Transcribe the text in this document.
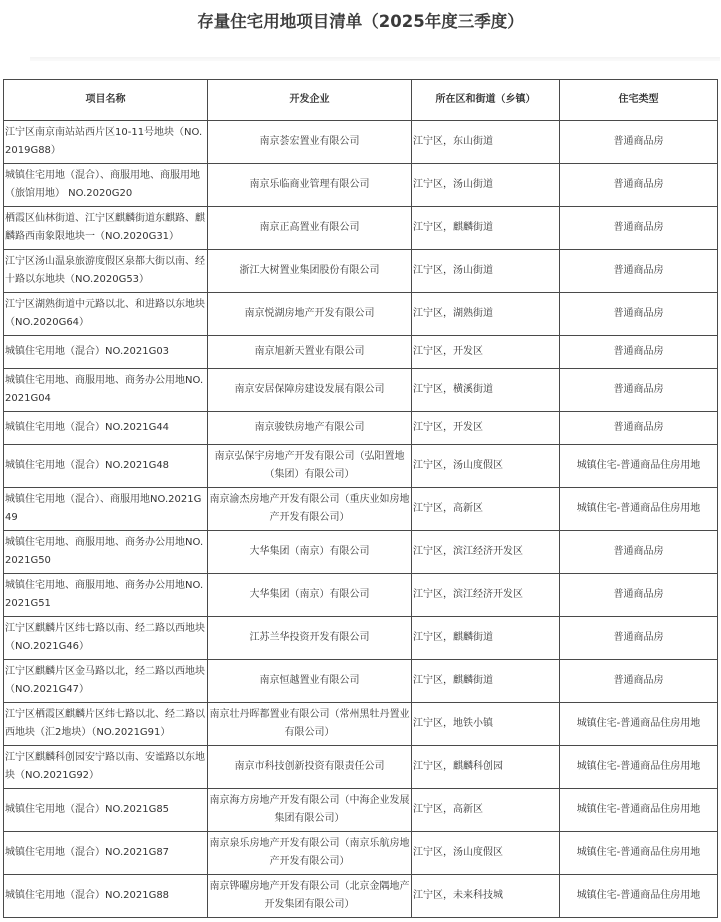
存量住宅用地项目清单（2025年度三季度）
项目名称	开发企业	所在区和街道（乡镇）	住宅类型
江宁区南京南站站西片区10-11号地块（NO.2019G88）	南京荟宏置业有限公司	江宁区，东山街道	普通商品房
城镇住宅用地（混合）、商服用地、商服用地（旅馆用地） NO.2020G20	南京乐临商业管理有限公司	江宁区，汤山街道	普通商品房
栖霞区仙林街道、江宁区麒麟街道东麒路、麒麟路西南象限地块一（NO.2020G31）	南京正高置业有限公司	江宁区，麒麟街道	普通商品房
江宁区汤山温泉旅游度假区泉都大街以南、经十路以东地块（NO.2020G53）	浙江大树置业集团股份有限公司	江宁区，汤山街道	普通商品房
江宁区湖熟街道中元路以北、和进路以东地块（NO.2020G64）	南京悦湖房地产开发有限公司	江宁区，湖熟街道	普通商品房
城镇住宅用地（混合）NO.2021G03	南京旭新天置业有限公司	江宁区，开发区	普通商品房
城镇住宅用地、商服用地、商务办公用地NO.2021G04	南京安居保障房建设发展有限公司	江宁区，横溪街道	普通商品房
城镇住宅用地（混合）NO.2021G44	南京骏铁房地产有限公司	江宁区，开发区	普通商品房
城镇住宅用地（混合）NO.2021G48	南京弘保宇房地产开发有限公司（弘阳置地（集团）有限公司）	江宁区，汤山度假区	城镇住宅-普通商品住房用地
城镇住宅用地（混合）、商服用地NO.2021G49	南京渝杰房地产开发有限公司（重庆业如房地产开发有限公司）	江宁区，高新区	城镇住宅-普通商品住房用地
城镇住宅用地、商服用地、商务办公用地NO.2021G50	大华集团（南京）有限公司	江宁区，滨江经济开发区	普通商品房
城镇住宅用地、商服用地、商务办公用地NO.2021G51	大华集团（南京）有限公司	江宁区，滨江经济开发区	普通商品房
江宁区麒麟片区纬七路以南、经二路以西地块（NO.2021G46）	江苏兰华投资开发有限公司	江宁区，麒麟街道	普通商品房
江宁区麒麟片区金马路以北，经二路以西地块（NO.2021G47）	南京恒越置业有限公司	江宁区，麒麟街道	普通商品房
江宁区栖霞区麒麟片区纬七路以北、经二路以西地块（汇2地块）（NO.2021G91）	南京壮丹晖都置业有限公司（常州黑牡丹置业有限公司）	江宁区，地铁小镇	城镇住宅-普通商品住房用地
江宁区麒麟科创园安宁路以南、安谧路以东地块（NO.2021G92）	南京市科技创新投资有限责任公司	江宁区，麒麟科创园	城镇住宅-普通商品住房用地
城镇住宅用地（混合）NO.2021G85	南京海方房地产开发有限公司（中海企业发展集团有限公司）	江宁区，高新区	城镇住宅-普通商品住房用地
城镇住宅用地（混合）NO.2021G87	南京泉乐房地产开发有限公司（南京乐航房地产开发有限公司）	江宁区，汤山度假区	城镇住宅-普通商品住房用地
城镇住宅用地（混合）NO.2021G88	南京铧曜房地产开发有限公司（北京金隅地产开发集团有限公司）	江宁区，未来科技城	城镇住宅-普通商品住房用地
